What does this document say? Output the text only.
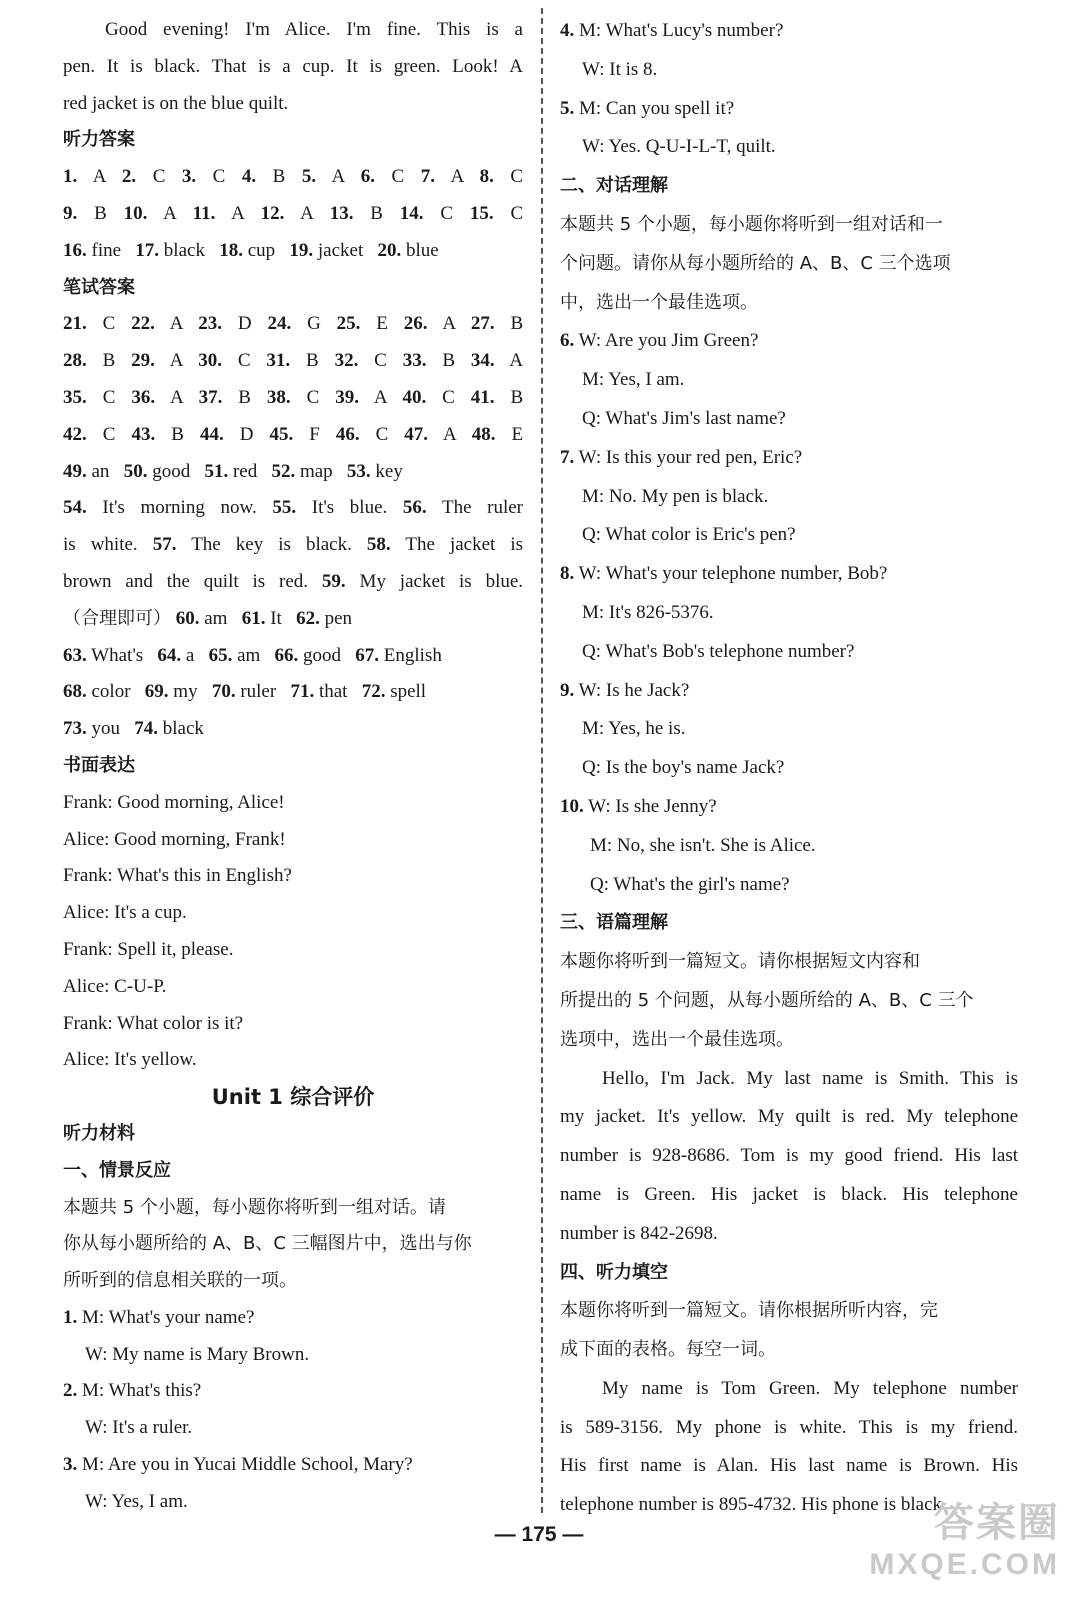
Good evening! I'm Alice. I'm fine. This is a
pen. It is black. That is a cup. It is green. Look! A
red jacket is on the blue quilt.
听力答案
1. A 2. C 3. C 4. B 5. A 6. C 7. A 8. C
9. B 10. A 11. A 12. A 13. B 14. C 15. C
16. fine 17. black 18. cup 19. jacket 20. blue
笔试答案
21. C 22. A 23. D 24. G 25. E 26. A 27. B
28. B 29. A 30. C 31. B 32. C 33. B 34. A
35. C 36. A 37. B 38. C 39. A 40. C 41. B
42. C 43. B 44. D 45. F 46. C 47. A 48. E
49. an 50. good 51. red 52. map 53. key
54. It's morning now. 55. It's blue. 56. The ruler
is white. 57. The key is black. 58. The jacket is
brown and the quilt is red. 59. My jacket is blue.
（合理即可） 60. am 61. It 62. pen
63. What's 64. a 65. am 66. good 67. English
68. color 69. my 70. ruler 71. that 72. spell
73. you 74. black
书面表达
Frank: Good morning, Alice!
Alice: Good morning, Frank!
Frank: What's this in English?
Alice: It's a cup.
Frank: Spell it, please.
Alice: C-U-P.
Frank: What color is it?
Alice: It's yellow.
Unit 1 综合评价
听力材料
一、情景反应
本题共 5 个小题，每小题你将听到一组对话。请
你从每小题所给的 A、B、C 三幅图片中，选出与你
所听到的信息相关联的一项。
1. M: What's your name?
W: My name is Mary Brown.
2. M: What's this?
W: It's a ruler.
3. M: Are you in Yucai Middle School, Mary?
W: Yes, I am.
4. M: What's Lucy's number?
W: It is 8.
5. M: Can you spell it?
W: Yes. Q-U-I-L-T, quilt.
二、对话理解
本题共 5 个小题，每小题你将听到一组对话和一
个问题。请你从每小题所给的 A、B、C 三个选项
中，选出一个最佳选项。
6. W: Are you Jim Green?
M: Yes, I am.
Q: What's Jim's last name?
7. W: Is this your red pen, Eric?
M: No. My pen is black.
Q: What color is Eric's pen?
8. W: What's your telephone number, Bob?
M: It's 826-5376.
Q: What's Bob's telephone number?
9. W: Is he Jack?
M: Yes, he is.
Q: Is the boy's name Jack?
10. W: Is she Jenny?
M: No, she isn't. She is Alice.
Q: What's the girl's name?
三、语篇理解
本题你将听到一篇短文。请你根据短文内容和
所提出的 5 个问题，从每小题所给的 A、B、C 三个
选项中，选出一个最佳选项。
Hello, I'm Jack. My last name is Smith. This is
my jacket. It's yellow. My quilt is red. My telephone
number is 928-8686. Tom is my good friend. His last
name is Green. His jacket is black. His telephone
number is 842-2698.
四、听力填空
本题你将听到一篇短文。请你根据所听内容，完
成下面的表格。每空一词。
My name is Tom Green. My telephone number
is 589-3156. My phone is white. This is my friend.
His first name is Alan. His last name is Brown. His
telephone number is 895-4732. His phone is black.
— 175 —	答案圈
MXQE.COM
